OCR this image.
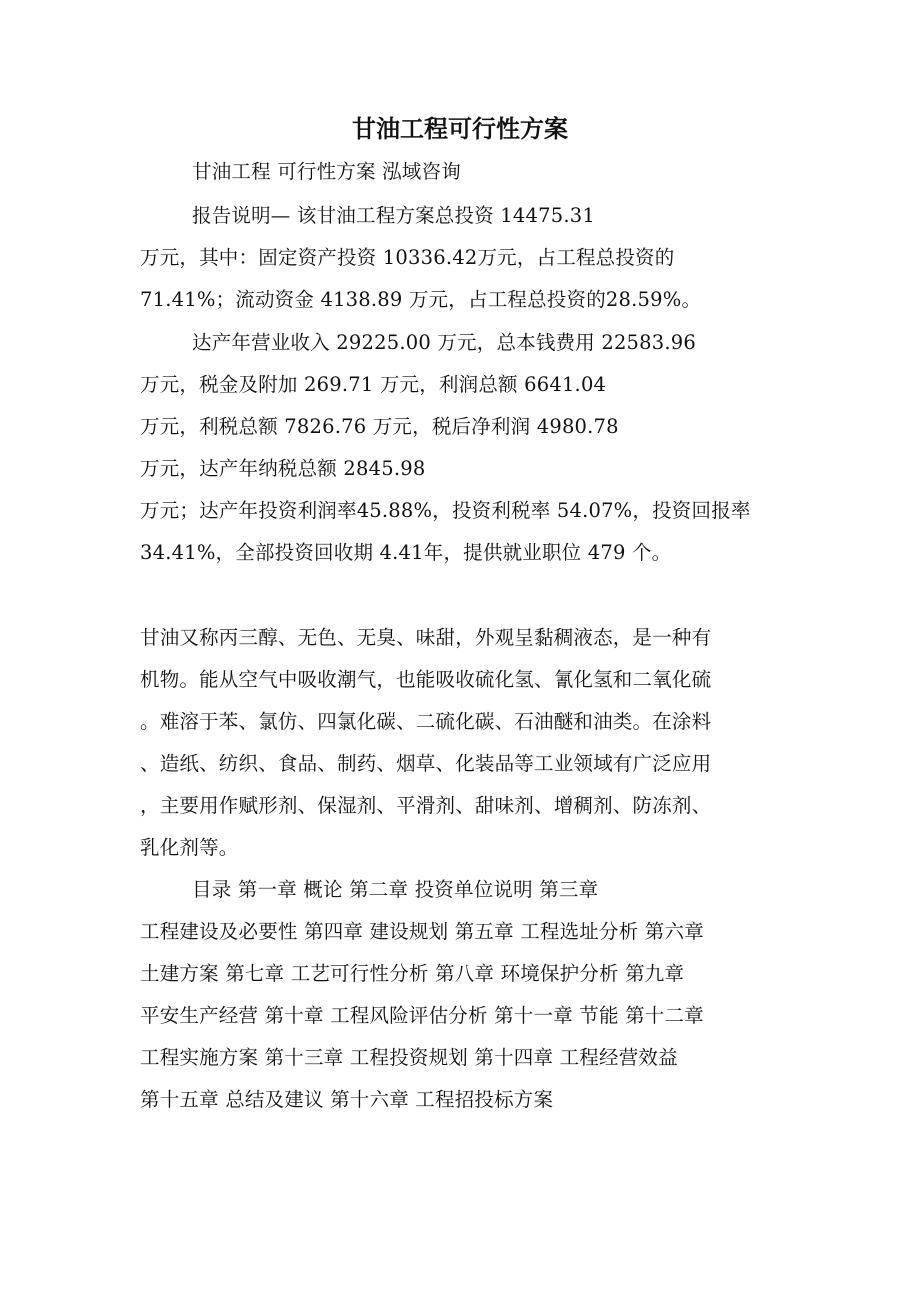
甘油工程可行性方案
甘油工程 可行性方案 泓域咨询
报告说明— 该甘油工程方案总投资 14475.31
万元，其中：固定资产投资 10336.42万元，占工程总投资的
71.41%；流动资金 4138.89 万元，占工程总投资的28.59%。
达产年营业收入 29225.00 万元，总本钱费用 22583.96
万元，税金及附加 269.71 万元，利润总额 6641.04
万元，利税总额 7826.76 万元，税后净利润 4980.78
万元，达产年纳税总额 2845.98
万元；达产年投资利润率45.88%，投资利税率 54.07%，投资回报率
34.41%，全部投资回收期 4.41年，提供就业职位 479 个。
甘油又称丙三醇、无色、无臭、味甜，外观呈黏稠液态，是一种有
机物。能从空气中吸收潮气，也能吸收硫化氢、氰化氢和二氧化硫
。难溶于苯、氯仿、四氯化碳、二硫化碳、石油醚和油类。在涂料
、造纸、纺织、食品、制药、烟草、化装品等工业领域有广泛应用
，主要用作赋形剂、保湿剂、平滑剂、甜味剂、增稠剂、防冻剂、
乳化剂等。
目录 第一章 概论 第二章 投资单位说明 第三章
工程建设及必要性 第四章 建设规划 第五章 工程选址分析 第六章
土建方案 第七章 工艺可行性分析 第八章 环境保护分析 第九章
平安生产经营 第十章 工程风险评估分析 第十一章 节能 第十二章
工程实施方案 第十三章 工程投资规划 第十四章 工程经营效益
第十五章 总结及建议 第十六章 工程招投标方案
